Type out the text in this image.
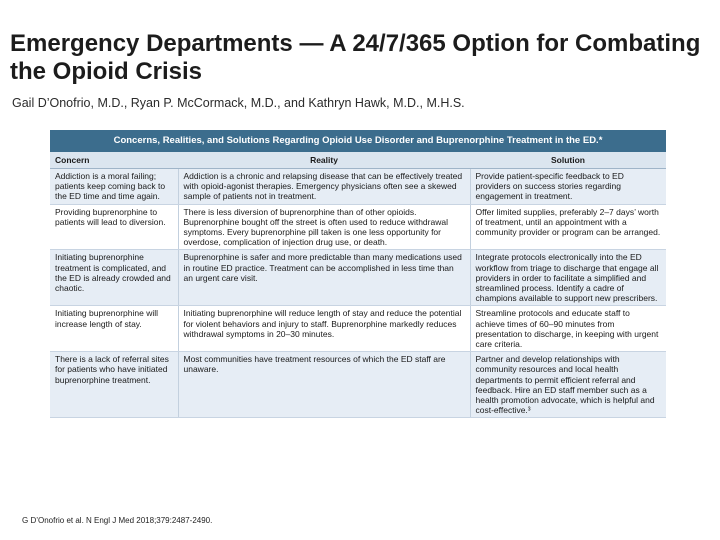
Emergency Departments — A 24/7/365 Option for Combating the Opioid Crisis
Gail D’Onofrio, M.D., Ryan P. McCormack, M.D., and Kathryn Hawk, M.D., M.H.S.
Concerns, Realities, and Solutions Regarding Opioid Use Disorder and Buprenorphine Treatment in the ED.*
Concern	Reality	Solution
Addiction is a moral failing; patients keep coming back to the ED time and time again.	Addiction is a chronic and relapsing disease that can be effectively treated with opioid-agonist therapies. Emergency physicians often see a skewed sample of patients not in treatment.	Provide patient-specific feedback to ED providers on success stories regarding engagement in treatment.
Providing buprenorphine to patients will lead to diversion.	There is less diversion of buprenorphine than of other opioids. Buprenorphine bought off the street is often used to reduce withdrawal symptoms. Every buprenorphine pill taken is one less opportunity for overdose, complication of injection drug use, or death.	Offer limited supplies, preferably 2–7 days’ worth of treatment, until an appointment with a community provider or program can be arranged.
Initiating buprenorphine treatment is complicated, and the ED is already crowded and chaotic.	Buprenorphine is safer and more predictable than many medications used in routine ED practice. Treatment can be accomplished in less time than an urgent care visit.	Integrate protocols electronically into the ED workflow from triage to discharge that engage all providers in order to facilitate a simplified and streamlined process. Identify a cadre of champions available to support new prescribers.
Initiating buprenorphine will increase length of stay.	Initiating buprenorphine will reduce length of stay and reduce the potential for violent behaviors and injury to staff. Buprenorphine markedly reduces withdrawal symptoms in 20–30 minutes.	Streamline protocols and educate staff to achieve times of 60–90 minutes from presentation to discharge, in keeping with urgent care criteria.
There is a lack of referral sites for patients who have initiated buprenorphine treatment.	Most communities have treatment resources of which the ED staff are unaware.	Partner and develop relationships with community resources and local health departments to permit efficient referral and feedback. Hire an ED staff member such as a health promotion advocate, which is helpful and cost-effective.³
G D’Onofrio et al. N Engl J Med 2018;379:2487-2490.
